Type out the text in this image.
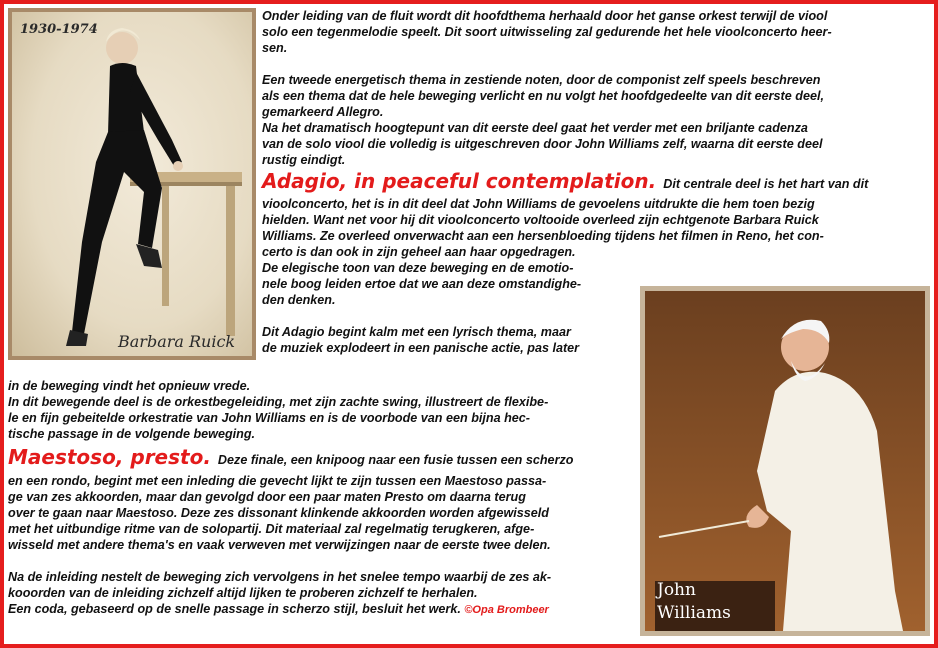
1930-1974
Barbara Ruick
John
Williams

Onder leiding van de fluit wordt dit hoofdthema herhaald door het ganse orkest terwijl de viool

solo een tegenmelodie speelt. Dit soort uitwisseling zal gedurende het hele vioolconcerto heer-

sen.

Een tweede energetisch thema in zestiende noten, door de componist zelf speels beschreven

als een thema dat de hele beweging verlicht en nu volgt het hoofdgedeelte van dit eerste deel,

gemarkeerd Allegro.

Na het dramatisch hoogtepunt van dit eerste deel gaat het verder met een briljante cadenza

van de solo viool die volledig is uitgeschreven door John Williams zelf, waarna dit eerste deel

rustig eindigt.

Adagio, in peaceful contemplation. Dit centrale deel is het hart van dit

vioolconcerto, het is in dit deel dat John Williams de gevoelens uitdrukte die hem toen bezig

hielden. Want net voor hij dit vioolconcerto voltooide overleed zijn echtgenote Barbara Ruick

Williams. Ze overleed onverwacht aan een hersenbloeding tijdens het filmen in Reno, het con-

certo is dan ook in zijn geheel aan haar opgedragen.

De elegische toon van deze beweging en de emotio-

nele boog leiden ertoe dat we aan deze omstandighe-

den denken.

Dit Adagio begint kalm met een lyrisch thema, maar

de muziek explodeert in een panische actie, pas later

in de beweging vindt het opnieuw vrede.

In dit bewegende deel is de orkestbegeleiding, met zijn zachte swing, illustreert de flexibe-

le en fijn gebeitelde orkestratie van John Williams en is de voorbode van een bijna hec-

tische passage in de volgende beweging.

Maestoso, presto. Deze finale, een knipoog naar een fusie tussen een scherzo

en een rondo, begint met een inleding die gevecht lijkt te zijn tussen een Maestoso passa-

ge van zes akkoorden, maar dan gevolgd door een paar maten Presto om daarna terug

over te gaan naar Maestoso. Deze zes dissonant klinkende akkoorden worden afgewisseld

met het uitbundige ritme van de solopartij. Dit materiaal zal regelmatig terugkeren, afge-

wisseld met andere thema's en vaak verweven met verwijzingen naar de eerste twee delen.

Na de inleiding nestelt de beweging zich vervolgens in het snelee tempo waarbij de zes ak-

kooorden van de inleiding zichzelf altijd lijken te proberen zichzelf te herhalen.

Een coda, gebaseerd op de snelle passage in scherzo stijl, besluit het werk. ©Opa Brombeer
